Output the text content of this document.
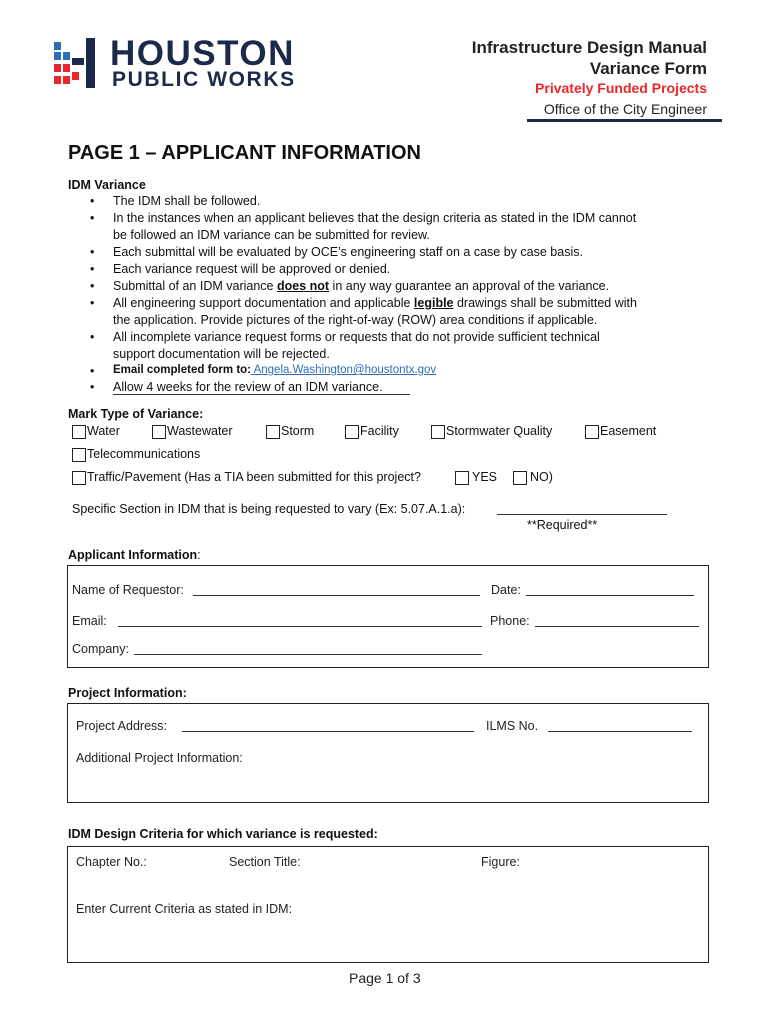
HOUSTON
PUBLIC WORKS
Infrastructure Design Manual
Variance Form
Privately Funded Projects
Office of the City Engineer
PAGE 1 – APPLICANT INFORMATION
IDM Variance
• The IDM shall be followed.
• In the instances when an applicant believes that the design criteria as stated in the IDM cannot
be followed an IDM variance can be submitted for review.
• Each submittal will be evaluated by OCE’s engineering staff on a case by case basis.
• Each variance request will be approved or denied.
• Submittal of an IDM variance does not in any way guarantee an approval of the variance.
• All engineering support documentation and applicable legible drawings shall be submitted with
the application. Provide pictures of the right-of-way (ROW) area conditions if applicable.
• All incomplete variance request forms or requests that do not provide sufficient technical
support documentation will be rejected.
• Email completed form to: Angela.Washington@houstontx.gov
• Allow 4 weeks for the review of an IDM variance.
Mark Type of Variance:
Water	Wastewater	Storm	Facility	Stormwater Quality	Easement
Telecommunications
Traffic/Pavement (Has a TIA been submitted for this project?	YES	NO)
Specific Section in IDM that is being requested to vary (Ex: 5.07.A.1.a):
**Required**
Applicant Information:
Name of Requestor:	Date:
Email:	Phone:
Company:
Project Information:
Project Address:	ILMS No.
Additional Project Information:
IDM Design Criteria for which variance is requested:
Chapter No.:	Section Title:	Figure:
Enter Current Criteria as stated in IDM:
Page 1 of 3
